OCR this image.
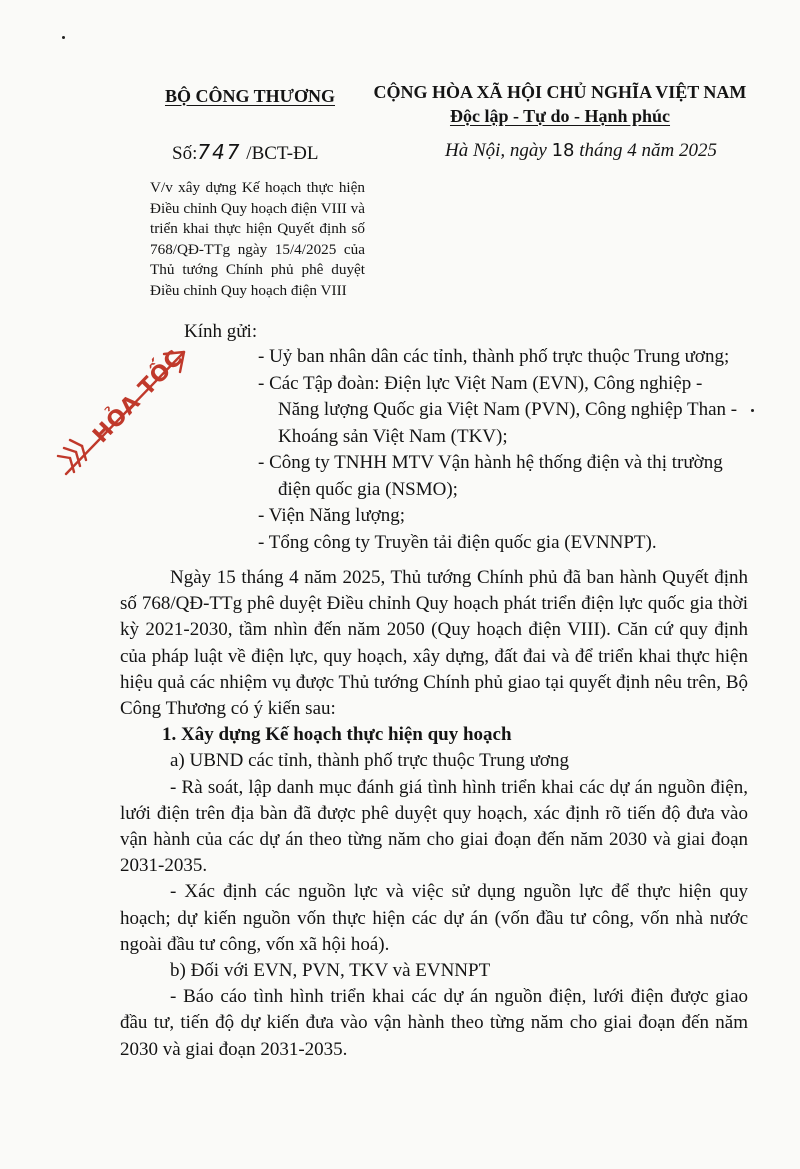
BỘ CÔNG THƯƠNG	CỘNG HÒA XÃ HỘI CHỦ NGHĨA VIỆT NAM
Độc lập - Tự do - Hạnh phúc
Số:747 /BCT-ĐL	Hà Nội, ngày 18 tháng 4 năm 2025
V/v xây dựng Kế hoạch thực hiện Điều chỉnh Quy hoạch điện VIII và triển khai thực hiện Quyết định số 768/QĐ-TTg ngày 15/4/2025 của Thủ tướng Chính phủ phê duyệt Điều chỉnh Quy hoạch điện VIII
HỎA TỐC
Kính gửi:
- Uỷ ban nhân dân các tỉnh, thành phố trực thuộc Trung ương;
- Các Tập đoàn: Điện lực Việt Nam (EVN), Công nghiệp -
Năng lượng Quốc gia Việt Nam (PVN), Công nghiệp Than -
Khoáng sản Việt Nam (TKV);
- Công ty TNHH MTV Vận hành hệ thống điện và thị trường
điện quốc gia (NSMO);
- Viện Năng lượng;
- Tổng công ty Truyền tải điện quốc gia (EVNNPT).

Ngày 15 tháng 4 năm 2025, Thủ tướng Chính phủ đã ban hành Quyết định số 768/QĐ-TTg phê duyệt Điều chỉnh Quy hoạch phát triển điện lực quốc gia thời kỳ 2021-2030, tầm nhìn đến năm 2050 (Quy hoạch điện VIII). Căn cứ quy định của pháp luật về điện lực, quy hoạch, xây dựng, đất đai và để triển khai thực hiện hiệu quả các nhiệm vụ được Thủ tướng Chính phủ giao tại quyết định nêu trên, Bộ Công Thương có ý kiến sau:

1. Xây dựng Kế hoạch thực hiện quy hoạch

a) UBND các tỉnh, thành phố trực thuộc Trung ương

- Rà soát, lập danh mục đánh giá tình hình triển khai các dự án nguồn điện, lưới điện trên địa bàn đã được phê duyệt quy hoạch, xác định rõ tiến độ đưa vào vận hành của các dự án theo từng năm cho giai đoạn đến năm 2030 và giai đoạn 2031-2035.

- Xác định các nguồn lực và việc sử dụng nguồn lực để thực hiện quy hoạch; dự kiến nguồn vốn thực hiện các dự án (vốn đầu tư công, vốn nhà nước ngoài đầu tư công, vốn xã hội hoá).

b) Đối với EVN, PVN, TKV và EVNNPT

- Báo cáo tình hình triển khai các dự án nguồn điện, lưới điện được giao đầu tư, tiến độ dự kiến đưa vào vận hành theo từng năm cho giai đoạn đến năm 2030 và giai đoạn 2031-2035.
